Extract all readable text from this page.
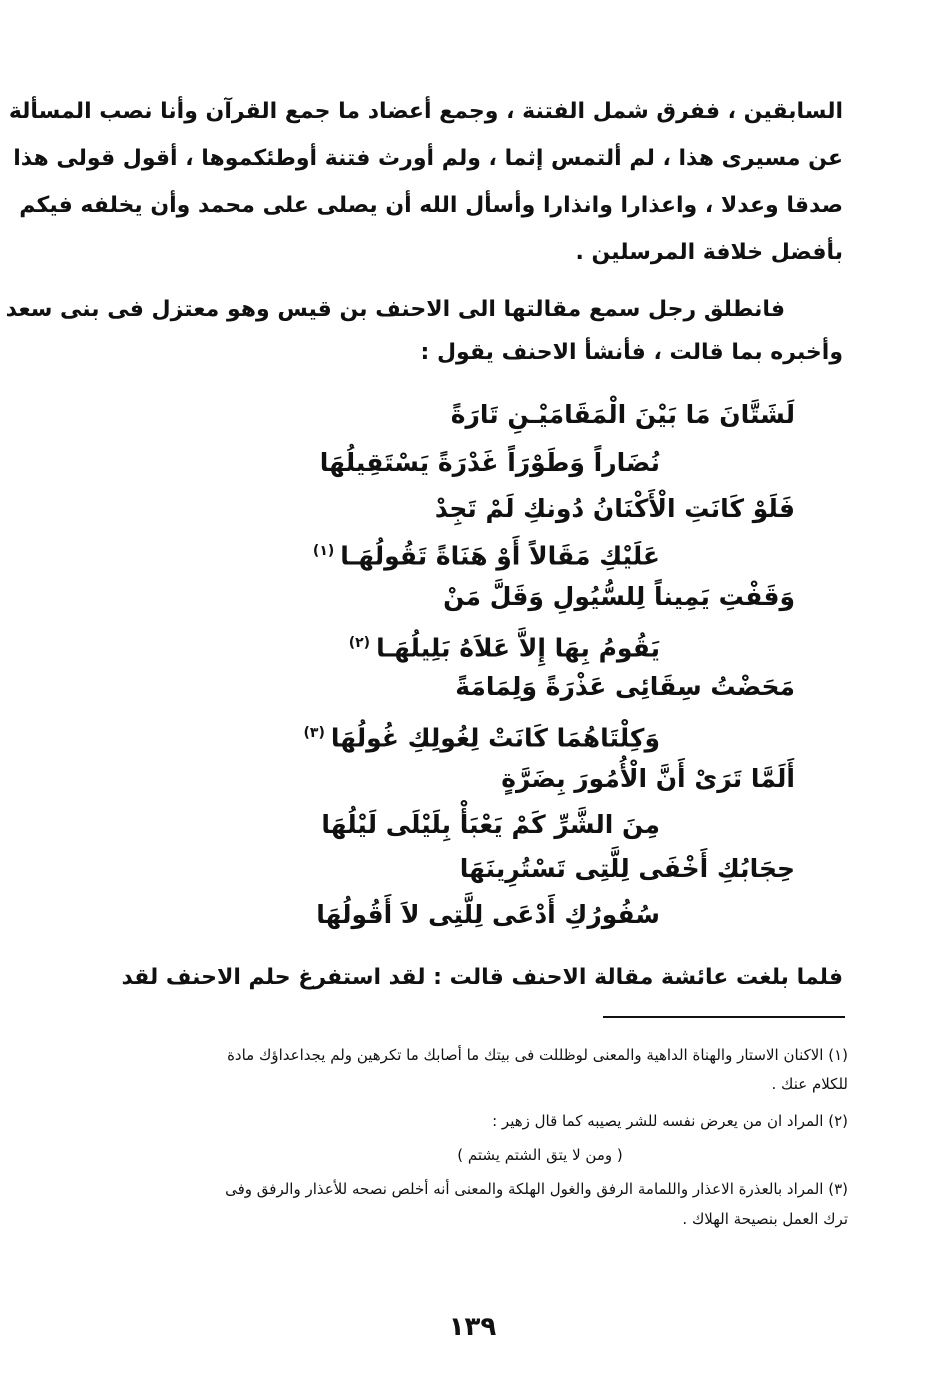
السابقين ، ففرق شمل الفتنة ، وجمع أعضاد ما جمع القرآن وأنا نصب المسألة
عن مسيرى هذا ، لم ألتمس إثما ، ولم أورث فتنة أوطئكموها ، أقول قولى هذا
صدقا وعدلا ، واعذارا وانذارا وأسأل الله أن يصلى على محمد وأن يخلفه فيكم
بأفضل خلافة المرسلين .
فانطلق رجل سمع مقالتها الى الاحنف بن قيس وهو معتزل فى بنى سعد
وأخبره بما قالت ، فأنشأ الاحنف يقول :
لَشَتَّانَ مَا بَيْنَ الْمَقَامَيْـنِ تَارَةً
نُضَاراً وَطَوْرَاً غَدْرَةً يَسْتَقِيلُهَا
فَلَوْ كَانَتِ الْأَكْنَانُ دُونكِ لَمْ تَجِدْ
عَلَيْكِ مَقَالاً أَوْ هَنَاةً تَقُولُهَـا$^{(١)}$
وَقَفْتِ يَمِيناً لِلسُّيُولِ وَقَلَّ مَنْ
يَقُومُ بِهَا إِلاَّ عَلاَهُ بَلِيلُهَـا$^{(٢)}$
مَحَضْتُ سِقَائِى عَذْرَةً وَلِمَامَةً
وَكِلْتَاهُمَا كَانَتْ لِغُولِكِ غُولُهَا$^{(٣)}$
أَلَمَّا تَرَىْ أَنَّ الْأُمُورَ بِضَرَّةٍ
مِنَ الشَّرِّ كَمْ يَعْبَأْ بِلَيْلَى لَيْلُهَا
حِجَابُكِ أَخْفَى لِلَّتِى تَسْتُرِينَهَا
سُفُورُكِ أَدْعَى لِلَّتِى لاَ أَقُولُهَا
فلما بلغت عائشة مقالة الاحنف قالت : لقد استفرغ حلم الاحنف لقد
(١) الاكنان الاستار والهناة الداهية والمعنى لوظللت فى بيتك ما أصابك ما تكرهين ولم يجداعداؤك مادة
للكلام عنك .
(٢) المراد ان من يعرض نفسه للشر يصيبه كما قال زهير :
( ومن لا يتق الشتم يشتم )
(٣) المراد بالعذرة الاعذار واللمامة الرفق والغول الهلكة والمعنى أنه أخلص نصحه للأعذار والرفق وفى
ترك العمل بنصيحة الهلاك .
١٣٩
